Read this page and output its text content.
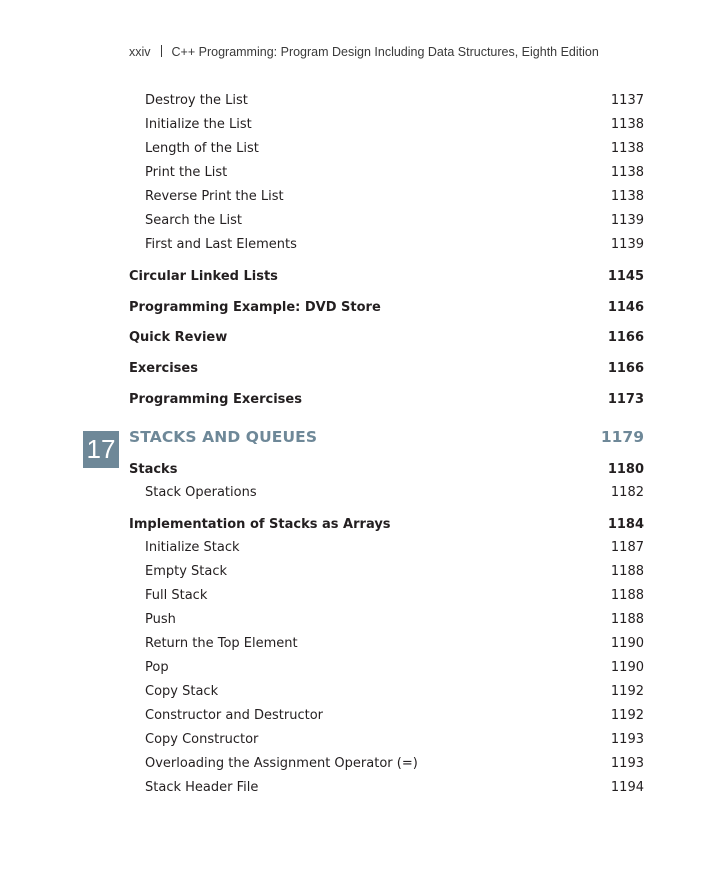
xxiv C++ Programming: Program Design Including Data Structures, Eighth Edition
Destroy the List	1137
Initialize the List	1138
Length of the List	1138
Print the List	1138
Reverse Print the List	1138
Search the List	1139
First and Last Elements	1139
Circular Linked Lists	1145
Programming Example: DVD Store	1146
Quick Review	1166
Exercises	1166
Programming Exercises	1173
17 STACKS AND QUEUES	1179
Stacks	1180
Stack Operations	1182
Implementation of Stacks as Arrays	1184
Initialize Stack	1187
Empty Stack	1188
Full Stack	1188
Push	1188
Return the Top Element	1190
Pop	1190
Copy Stack	1192
Constructor and Destructor	1192
Copy Constructor	1193
Overloading the Assignment Operator (=)	1193
Stack Header File	1194
